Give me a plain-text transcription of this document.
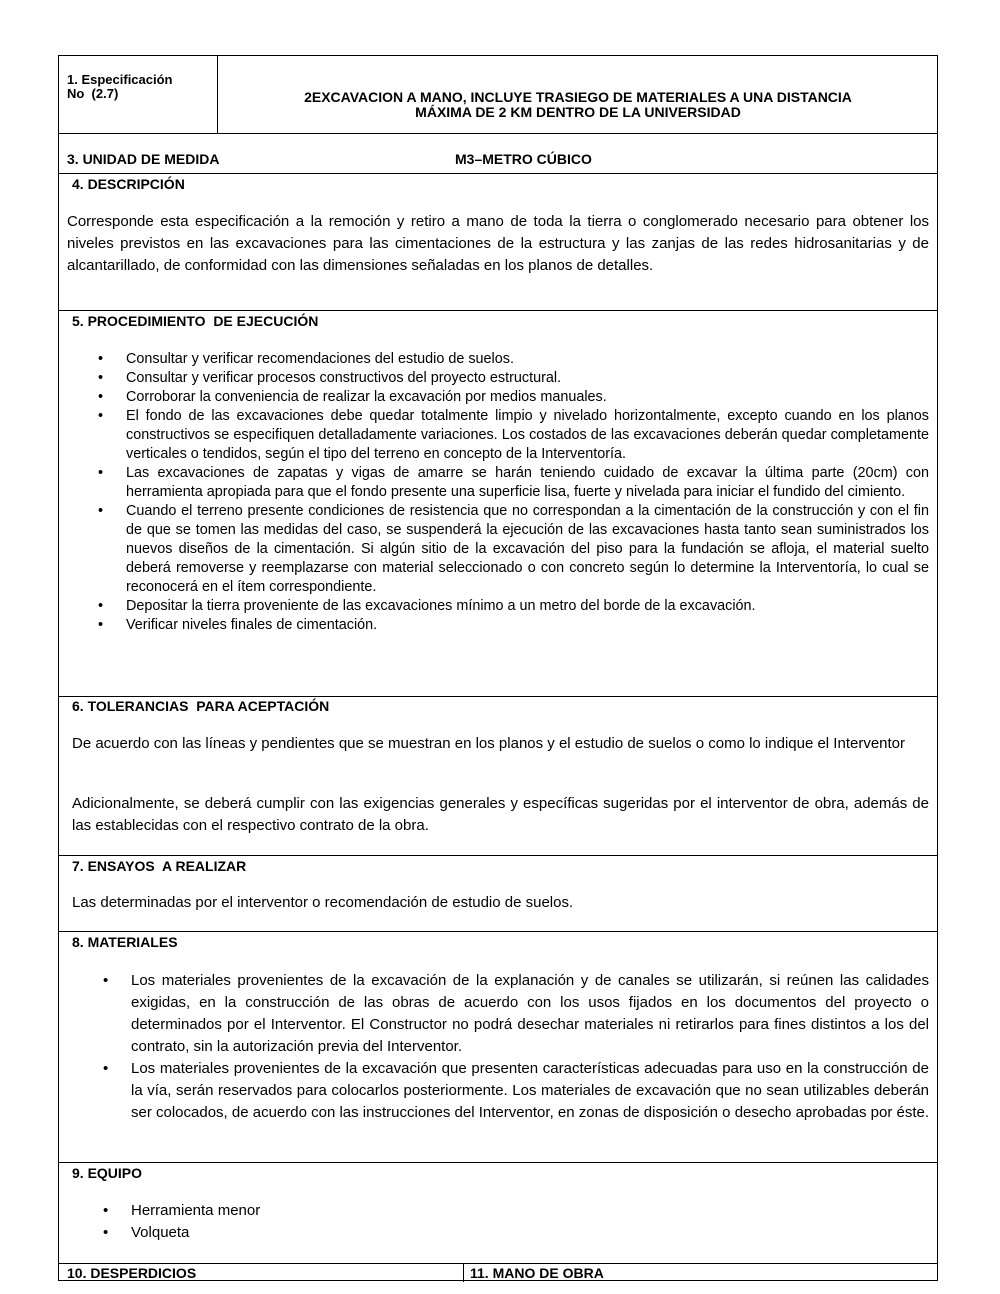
1. Especificación
No  (2.7)	2EXCAVACION A MANO, INCLUYE TRASIEGO DE MATERIALES A UNA DISTANCIA
MÁXIMA DE 2 KM DENTRO DE LA UNIVERSIDAD
3. UNIDAD DE MEDIDA	M3–METRO CÚBICO
4. DESCRIPCIÓN
Corresponde esta especificación a la remoción y retiro a mano de toda la tierra o conglomerado necesario para obtener los niveles previstos en las excavaciones para las cimentaciones de la estructura y las zanjas de las redes hidrosanitarias y de alcantarillado, de conformidad con las dimensiones señaladas en los planos de detalles.
5. PROCEDIMIENTO  DE EJECUCIÓN
• Consultar y verificar recomendaciones del estudio de suelos.
• Consultar y verificar procesos constructivos del proyecto estructural.
• Corroborar la conveniencia de realizar la excavación por medios manuales.
• El fondo de las excavaciones debe quedar totalmente limpio y nivelado horizontalmente, excepto cuando en los planos constructivos se especifiquen detalladamente variaciones. Los costados de las excavaciones deberán quedar completamente verticales o tendidos, según el tipo del terreno en concepto de la Interventoría.
• Las excavaciones de zapatas y vigas de amarre se harán teniendo cuidado de excavar la última parte (20cm) con herramienta apropiada para que el fondo presente una superficie lisa, fuerte y nivelada para iniciar el fundido del cimiento.
• Cuando el terreno presente condiciones de resistencia que no correspondan a la cimentación de la construcción y con el fin de que se tomen las medidas del caso, se suspenderá la ejecución de las excavaciones hasta tanto sean suministrados los nuevos diseños de la cimentación. Si algún sitio de la excavación del piso para la fundación se afloja, el material suelto deberá removerse y reemplazarse con material seleccionado o con concreto según lo determine la Interventoría, lo cual se reconocerá en el ítem correspondiente.
• Depositar la tierra proveniente de las excavaciones mínimo a un metro del borde de la excavación.
• Verificar niveles finales de cimentación.
6. TOLERANCIAS  PARA ACEPTACIÓN
De acuerdo con las líneas y pendientes que se muestran en los planos y el estudio de suelos o como lo indique el Interventor
Adicionalmente, se deberá cumplir con las exigencias generales y específicas sugeridas por el interventor de obra, además de las establecidas con el respectivo contrato de la obra.
7. ENSAYOS  A REALIZAR
Las determinadas por el interventor o recomendación de estudio de suelos.
8. MATERIALES
• Los materiales provenientes de la excavación de la explanación y de canales se utilizarán, si reúnen las calidades exigidas, en la construcción de las obras de acuerdo con los usos fijados en los documentos del proyecto o determinados por el Interventor. El Constructor no podrá desechar materiales ni retirarlos para fines distintos a los del contrato, sin la autorización previa del Interventor.
• Los materiales provenientes de la excavación que presenten características adecuadas para uso en la construcción de la vía, serán reservados para colocarlos posteriormente. Los materiales de excavación que no sean utilizables deberán ser colocados, de acuerdo con las instrucciones del Interventor, en zonas de disposición o desecho aprobadas por éste.
9. EQUIPO
• Herramienta menor
• Volqueta
10. DESPERDICIOS	11. MANO DE OBRA
